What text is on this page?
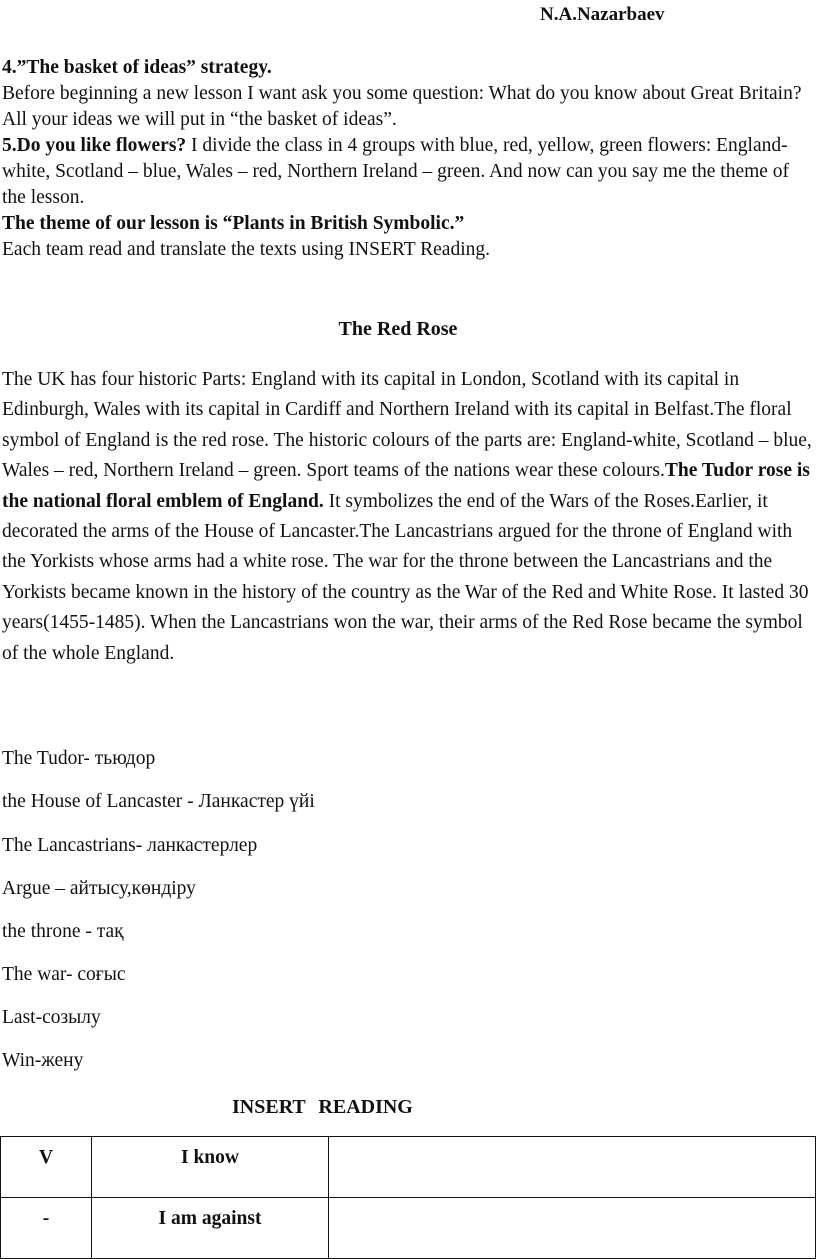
N.A.Nazarbaev

4.”The basket of ideas” strategy.

Before beginning a new lesson I want ask you some question: What do you know about Great Britain? All your ideas we will put in “the basket of ideas”.

5.Do you like flowers? I divide the class in 4 groups with blue, red, yellow, green flowers: England-white, Scotland – blue, Wales – red, Northern Ireland – green. And now can you say me the theme of the lesson.

The theme of our lesson is “Plants in British Symbolic.”

Each team read and translate the texts using INSERT Reading.

The Red Rose

The UK has four historic Parts: England with its capital in London, Scotland with its capital in Edinburgh, Wales with its capital in Cardiff and Northern Ireland with its capital in Belfast.The floral symbol of England is the red rose. The historic colours of the parts are: England-white, Scotland – blue, Wales – red, Northern Ireland – green. Sport teams of the nations wear these colours.The Tudor rose is the national floral emblem of England. It symbolizes the end of the Wars of the Roses.Earlier, it decorated the arms of the House of Lancaster.The Lancastrians argued for the throne of England with the Yorkists whose arms had a white rose. The war for the throne between the Lancastrians and the Yorkists became known in the history of the country as the War of the Red and White Rose. It lasted 30 years(1455-1485). When the Lancastrians won the war, their arms of the Red Rose became the symbol of the whole England.

The Tudor- тьюдор
the House of Lancaster - Ланкастер үйі
The Lancastrians- ланкастерлер
Argue – айтысу,көндіру
the throne - тақ
The war- соғыс
Last-созылу
Win-жену
INSERT READING
V	I know	
-	I am against	
